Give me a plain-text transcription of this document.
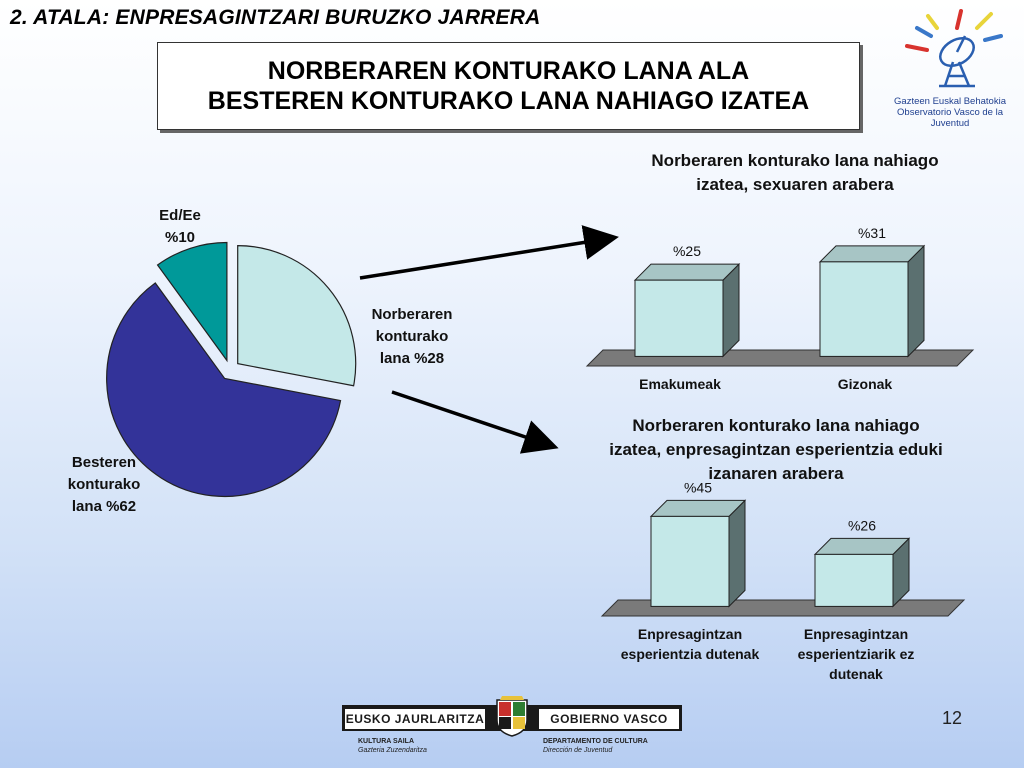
2. ATALA: ENPRESAGINTZARI BURUZKO JARRERA
NORBERAREN KONTURAKO LANA ALA
BESTEREN KONTURAKO LANA NAHIAGO IZATEA	Gazteen Euskal Behatokia
Observatorio Vasco de la Juventud
Ed/Ee
%10
Norberaren
konturako
lana %28
Besteren
konturako
lana %62
Norberaren konturako lana nahiago
izatea, sexuaren arabera
%25
%31
Emakumeak	Gizonak
Norberaren konturako lana nahiago
izatea, enpresagintzan esperientzia eduki
izanaren arabera
%45
%26
Enpresagintzan
esperientzia dutenak
Enpresagintzan
esperientziarik ez
dutenak
EUSKO JAURLARITZA	GOBIERNO VASCO
KULTURA SAILA
Gazteria Zuzendaritza
DEPARTAMENTO DE CULTURA
Dirección de Juventud
12
